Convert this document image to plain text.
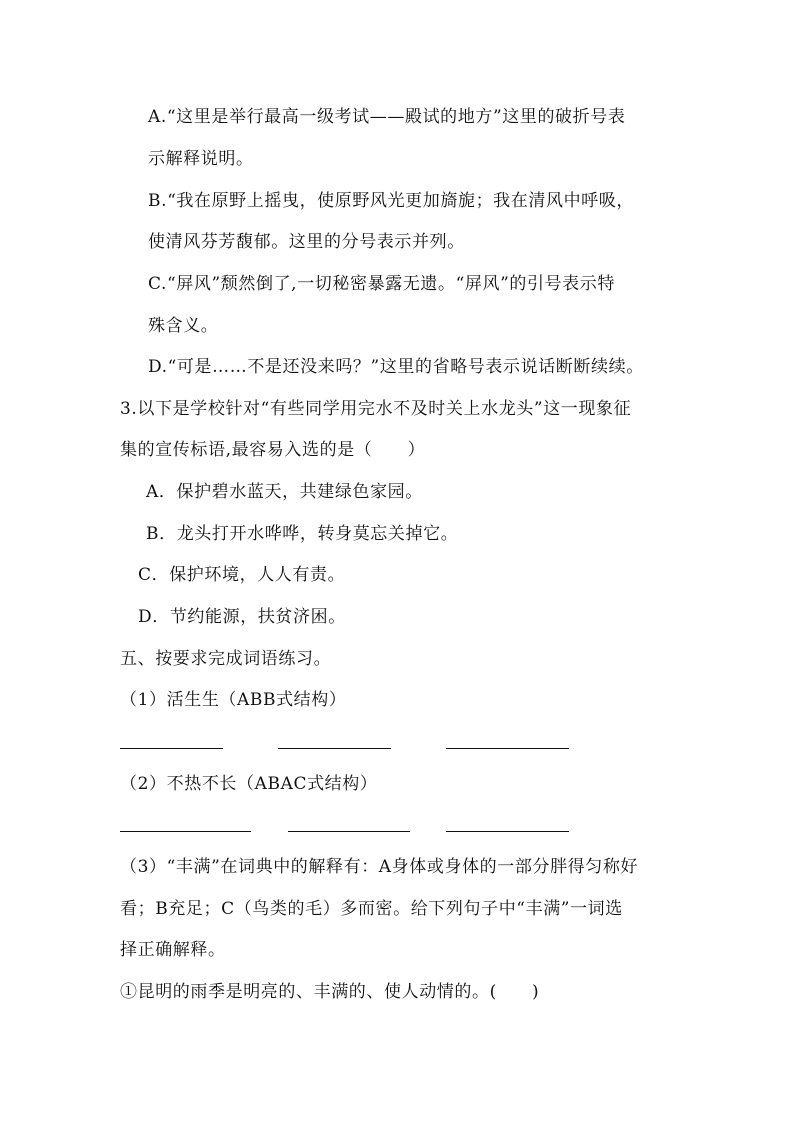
A.“这里是举行最高一级考试——殿试的地方”这里的破折号表
示解释说明。
B.“我在原野上摇曳，使原野风光更加旖旎；我在清风中呼吸，
使清风芬芳馥郁。这里的分号表示并列。
C.“屏风”颓然倒了,一切秘密暴露无遗。“屏风”的引号表示特
殊含义。
D.“可是……不是还没来吗？”这里的省略号表示说话断断续续。
3.以下是学校针对“有些同学用完水不及时关上水龙头”这一现象征
集的宣传标语,最容易入选的是（　　）
A．保护碧水蓝天，共建绿色家园。
B．龙头打开水哗哗，转身莫忘关掉它。
C．保护环境，人人有责。
D．节约能源，扶贫济困。
五、按要求完成词语练习。
（1）活生生（ABB式结构）
（2）不热不长（ABAC式结构）
（3）“丰满”在词典中的解释有：A身体或身体的一部分胖得匀称好
看；B充足；C（鸟类的毛）多而密。给下列句子中“丰满”一词选
择正确解释。
①昆明的雨季是明亮的、丰满的、使人动情的。(　　)
